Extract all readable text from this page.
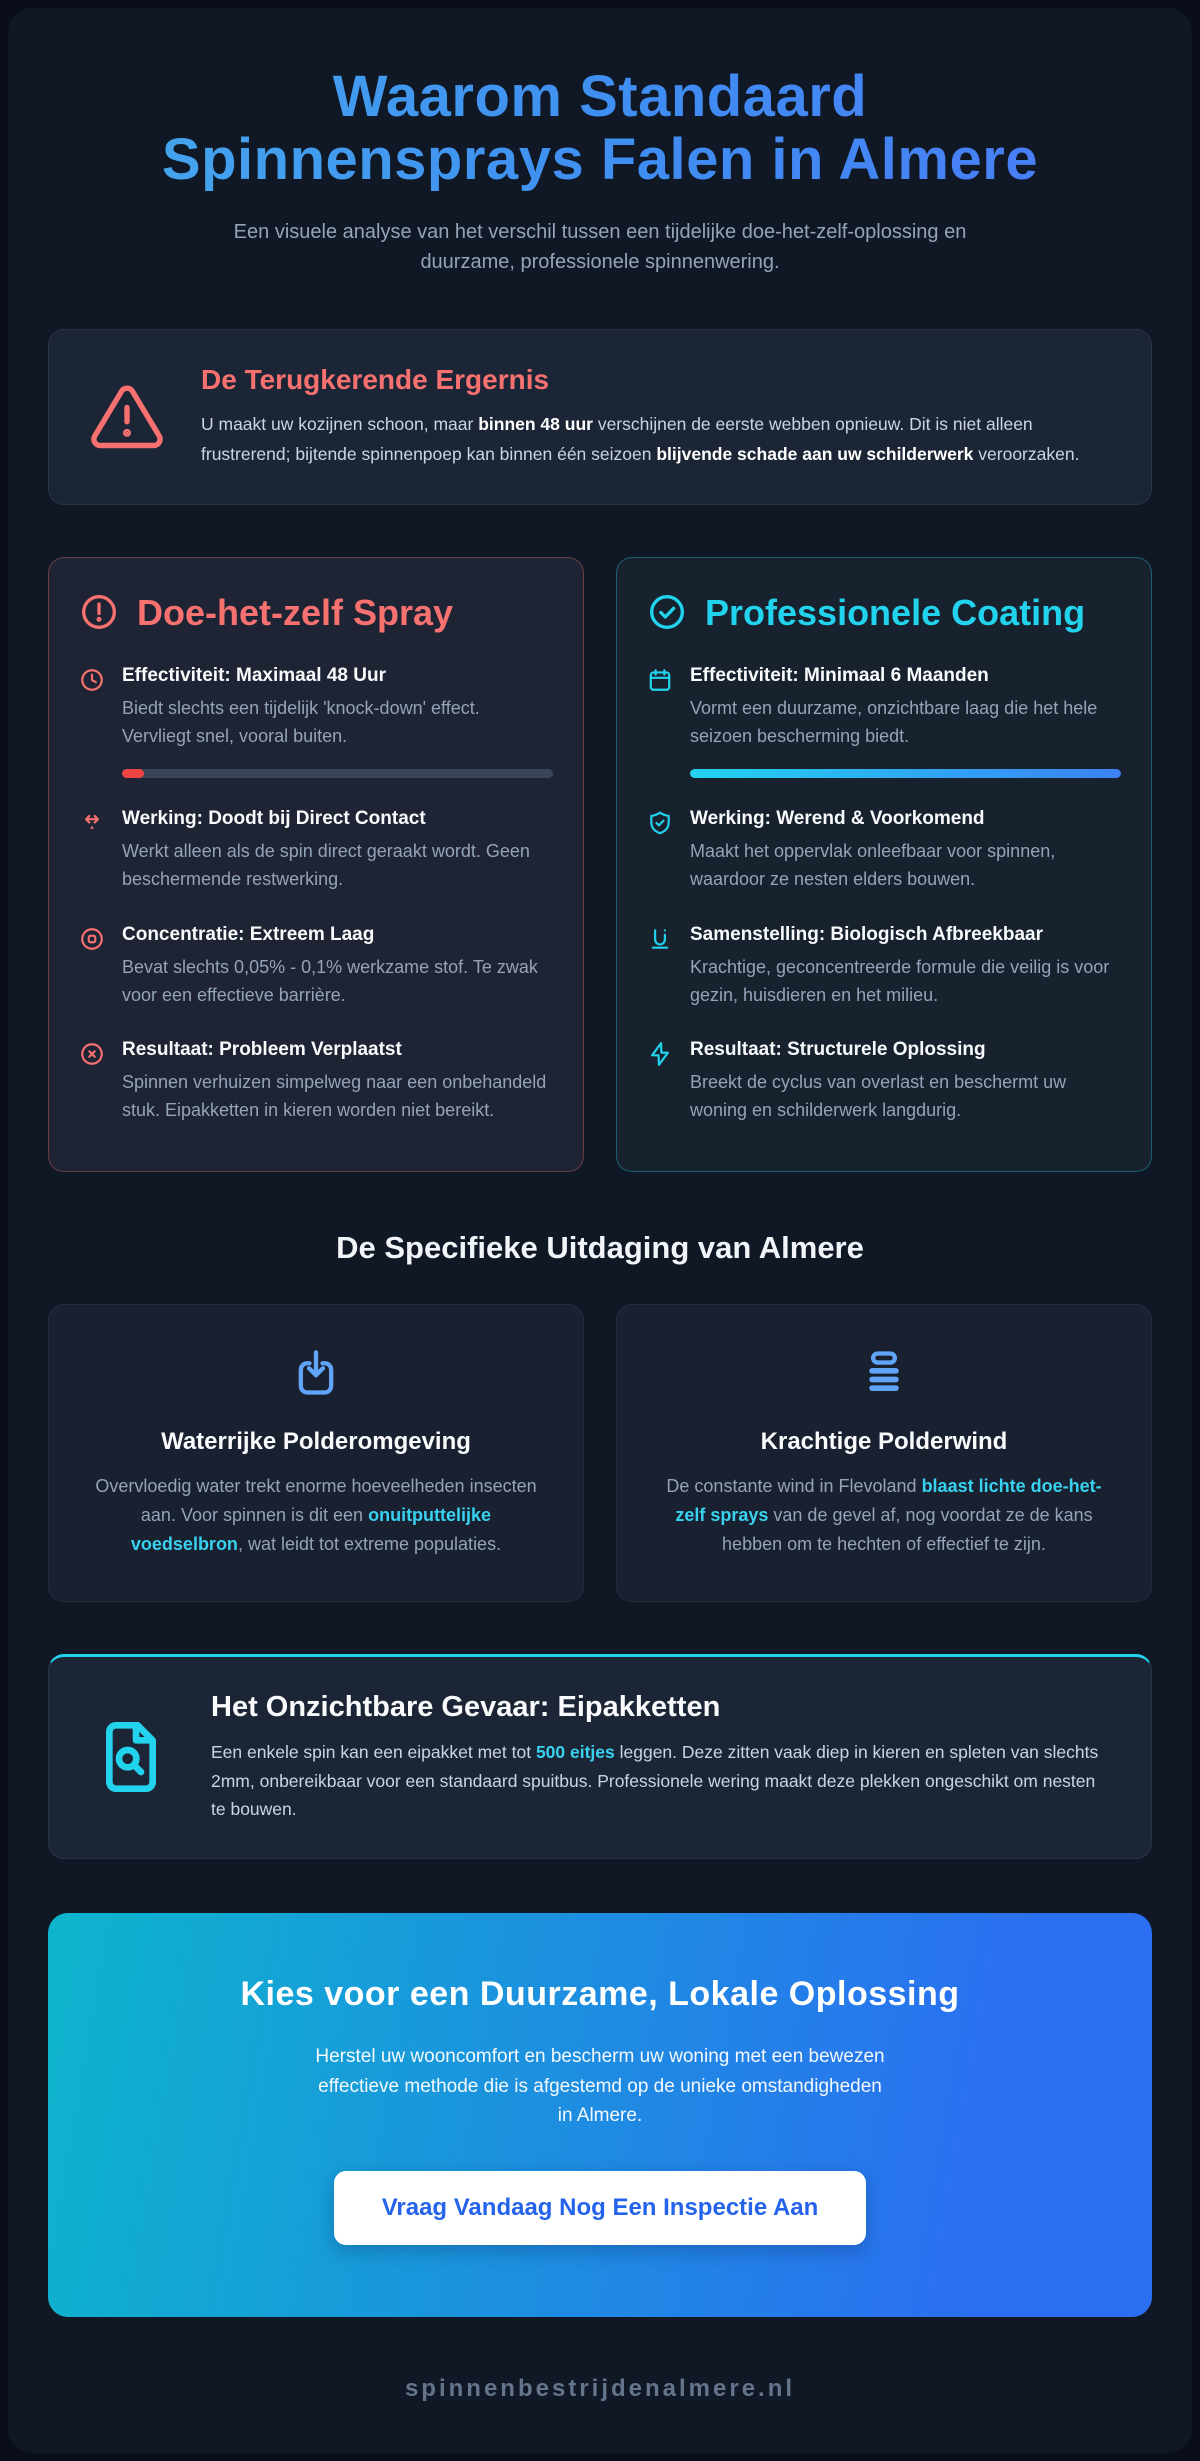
Waarom Standaard
Spinnensprays Falen in Almere

Een visuele analyse van het verschil tussen een tijdelijke doe-het-zelf-oplossing en duurzame, professionele spinnenwering.

De Terugkerende Ergernis

U maakt uw kozijnen schoon, maar binnen 48 uur verschijnen de eerste webben opnieuw. Dit is niet alleen frustrerend; bijtende spinnenpoep kan binnen één seizoen blijvende schade aan uw schilderwerk veroorzaken.

Doe-het-zelf Spray
Effectiviteit: Maximaal 48 Uur

Biedt slechts een tijdelijk 'knock-down' effect. Vervliegt snel, vooral buiten.

Werking: Doodt bij Direct Contact

Werkt alleen als de spin direct geraakt wordt. Geen beschermende restwerking.

Concentratie: Extreem Laag

Bevat slechts 0,05% - 0,1% werkzame stof. Te zwak voor een effectieve barrière.

Resultaat: Probleem Verplaatst

Spinnen verhuizen simpelweg naar een onbehandeld stuk. Eipakketten in kieren worden niet bereikt.

Professionele Coating
Effectiviteit: Minimaal 6 Maanden

Vormt een duurzame, onzichtbare laag die het hele seizoen bescherming biedt.

Werking: Werend & Voorkomend

Maakt het oppervlak onleefbaar voor spinnen, waardoor ze nesten elders bouwen.

Samenstelling: Biologisch Afbreekbaar

Krachtige, geconcentreerde formule die veilig is voor gezin, huisdieren en het milieu.

Resultaat: Structurele Oplossing

Breekt de cyclus van overlast en beschermt uw woning en schilderwerk langdurig.

De Specifieke Uitdaging van Almere
Waterrijke Polderomgeving

Overvloedig water trekt enorme hoeveelheden insecten aan. Voor spinnen is dit een onuitputtelijke voedselbron, wat leidt tot extreme populaties.

Krachtige Polderwind

De constante wind in Flevoland blaast lichte doe-het-zelf sprays van de gevel af, nog voordat ze de kans hebben om te hechten of effectief te zijn.

Het Onzichtbare Gevaar: Eipakketten

Een enkele spin kan een eipakket met tot 500 eitjes leggen. Deze zitten vaak diep in kieren en spleten van slechts 2mm, onbereikbaar voor een standaard spuitbus. Professionele wering maakt deze plekken ongeschikt om nesten te bouwen.

Kies voor een Duurzame, Lokale Oplossing

Herstel uw wooncomfort en bescherm uw woning met een bewezen effectieve methode die is afgestemd op de unieke omstandigheden in Almere.

Vraag Vandaag Nog Een Inspectie Aan
spinnenbestrijdenalmere.nl
